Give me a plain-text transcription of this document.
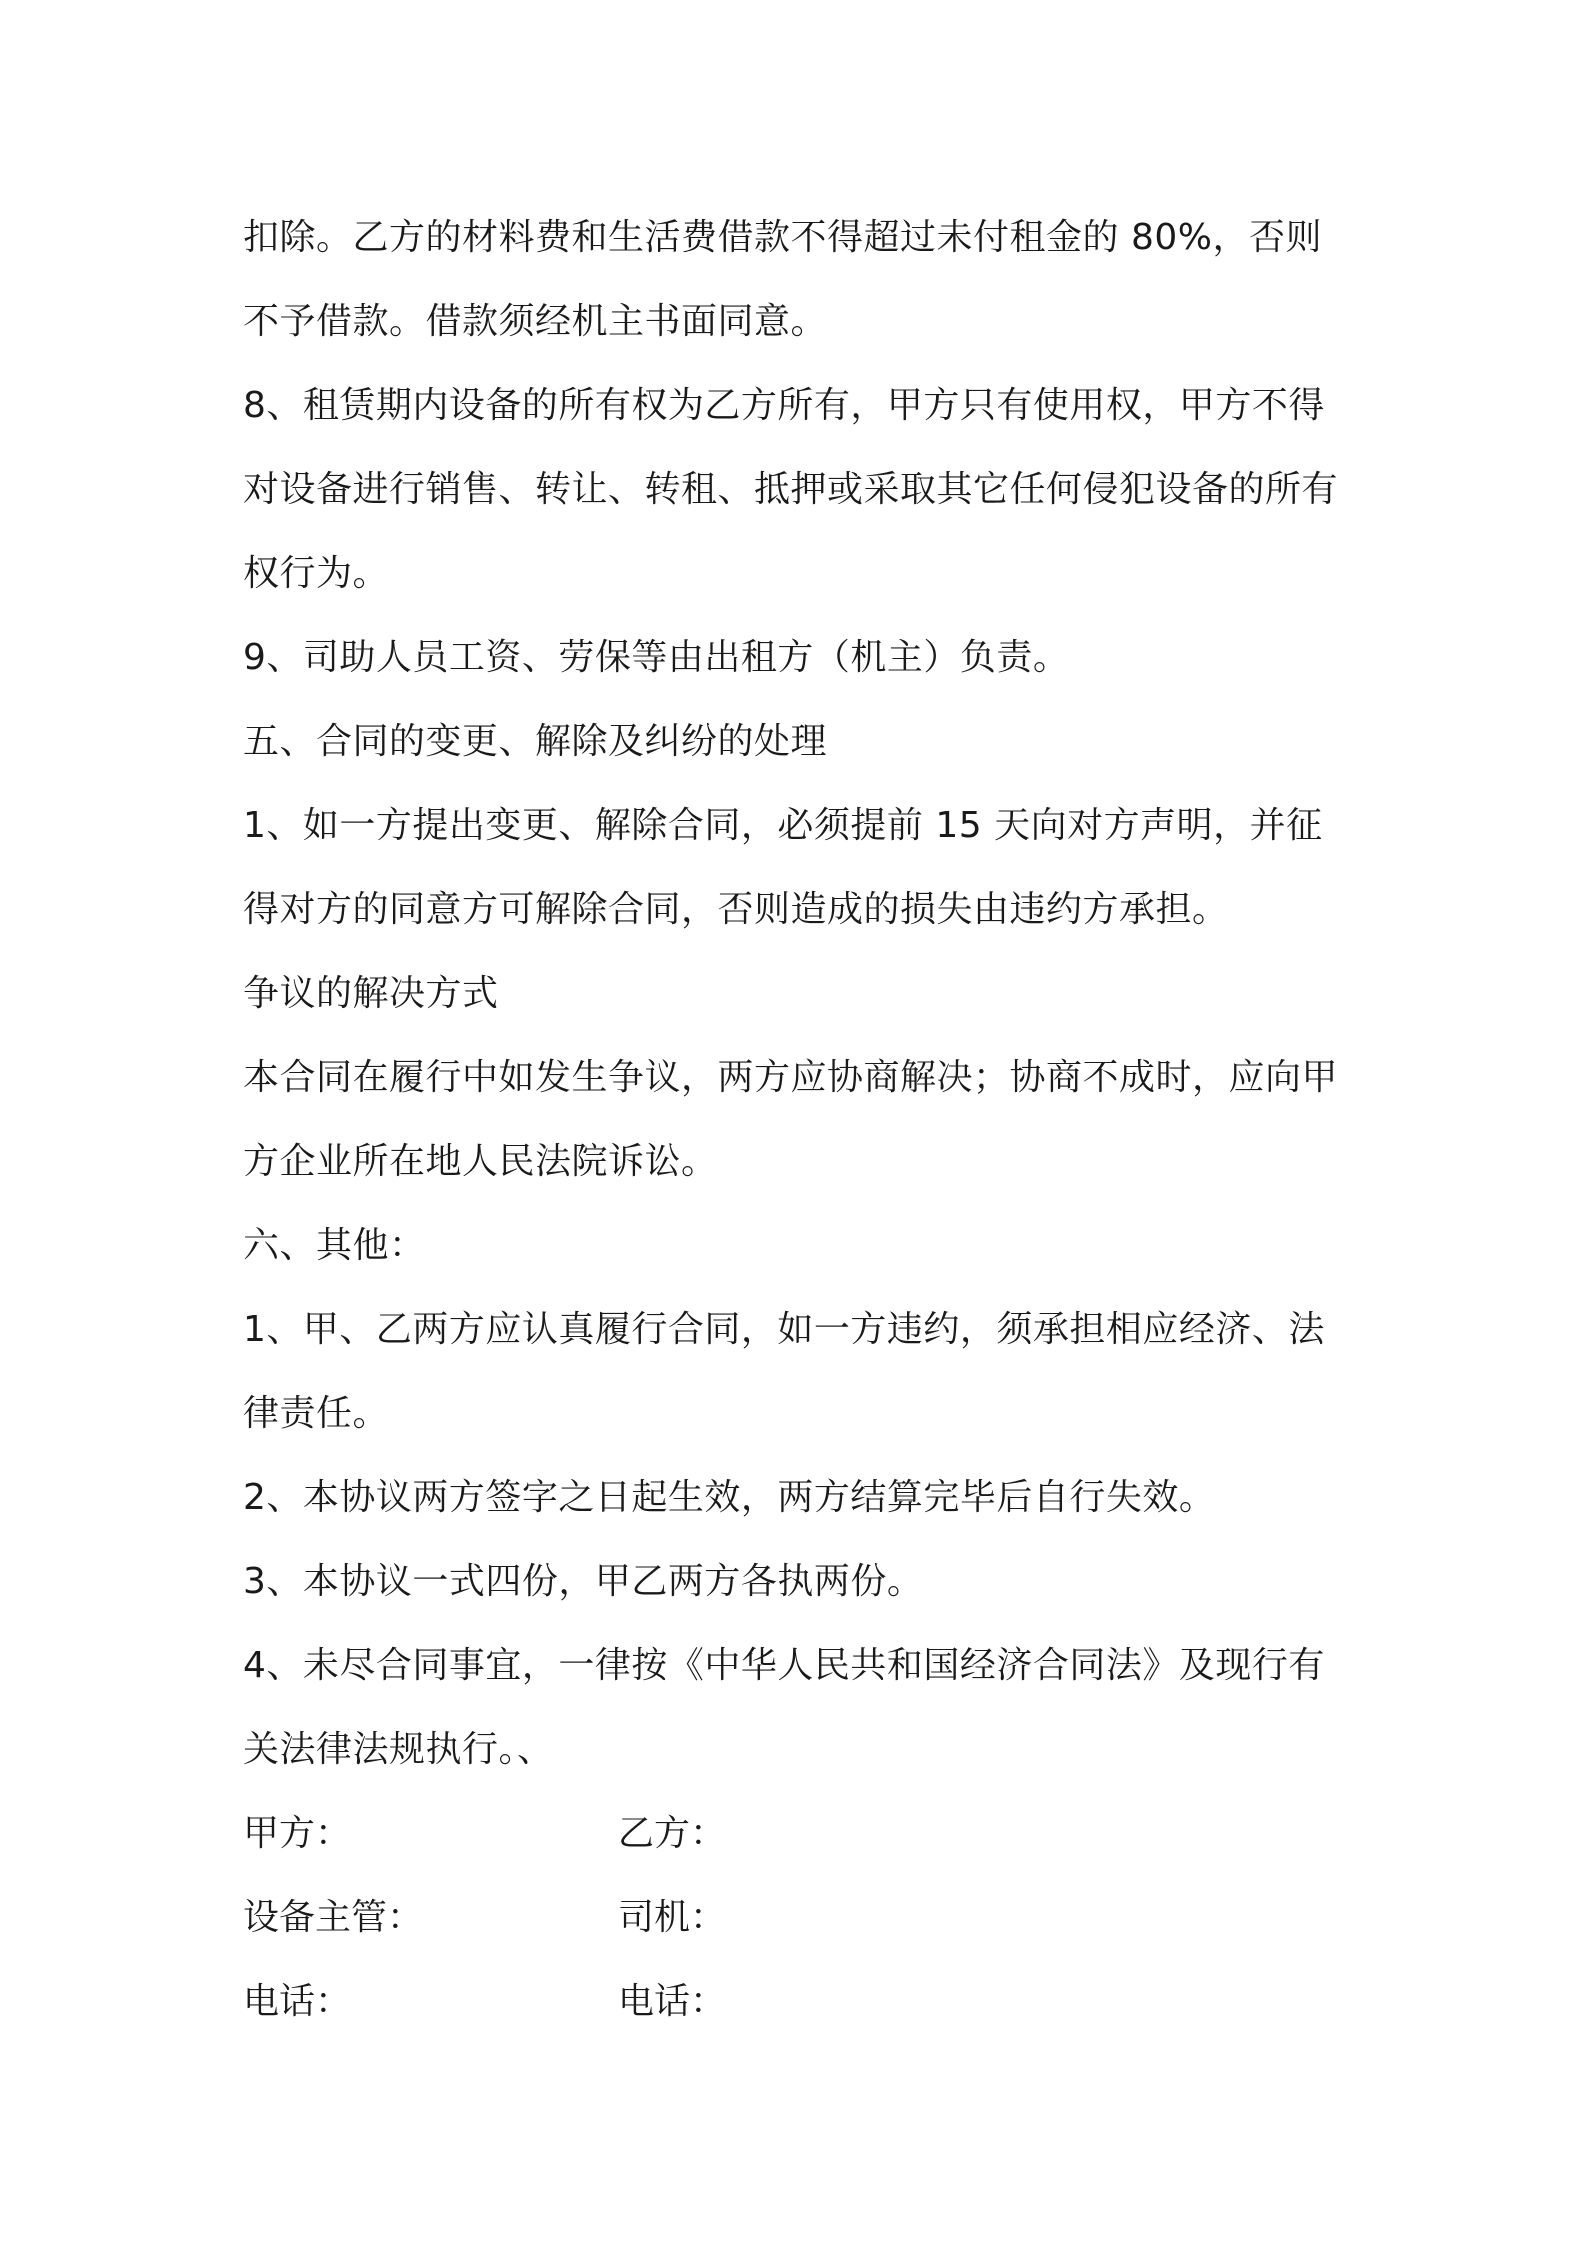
扣除。乙方的材料费和生活费借款不得超过未付租金的 80%，否则
不予借款。借款须经机主书面同意。
8、租赁期内设备的所有权为乙方所有，甲方只有使用权，甲方不得
对设备进行销售、转让、转租、抵押或采取其它任何侵犯设备的所有
权行为。
9、司助人员工资、劳保等由出租方（机主）负责。
五、合同的变更、解除及纠纷的处理
1、如一方提出变更、解除合同，必须提前 15 天向对方声明，并征
得对方的同意方可解除合同，否则造成的损失由违约方承担。
争议的解决方式
本合同在履行中如发生争议，两方应协商解决；协商不成时，应向甲
方企业所在地人民法院诉讼。
六、其他：
1、甲、乙两方应认真履行合同，如一方违约，须承担相应经济、法
律责任。
2、本协议两方签字之日起生效，两方结算完毕后自行失效。
3、本协议一式四份，甲乙两方各执两份。
4、未尽合同事宜，一律按《中华人民共和国经济合同法》及现行有
关法律法规执行。、
甲方：	乙方：
设备主管：	司机：
电话：	电话：
